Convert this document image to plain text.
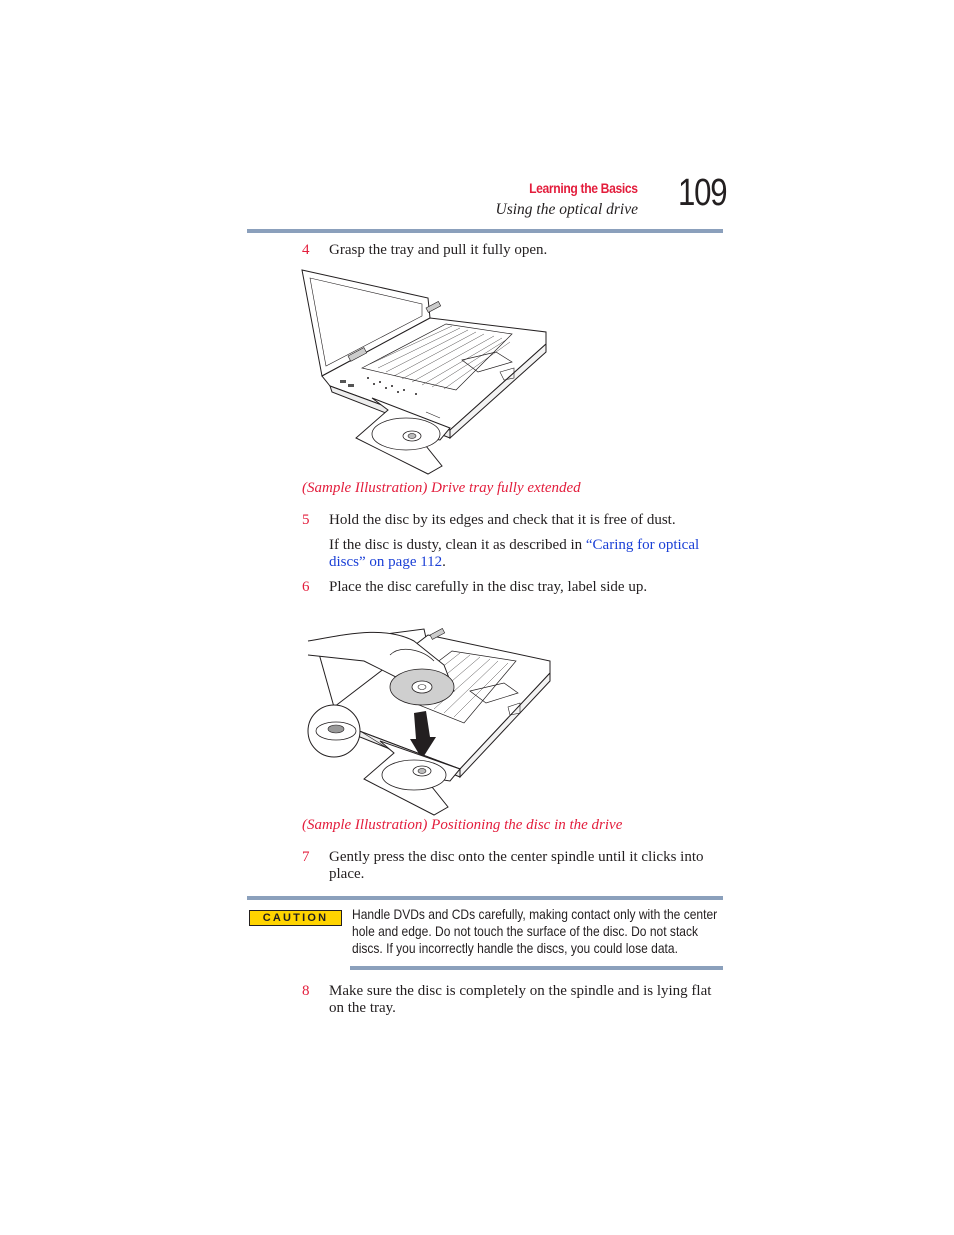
Learning the Basics
Using the optical drive 109
4 Grasp the tray and pull it fully open.
(Sample Illustration) Drive tray fully extended
5 Hold the disc by its edges and check that it is free of dust.
If the disc is dusty, clean it as described in “Caring for optical discs” on page 112.
6 Place the disc carefully in the disc tray, label side up.
(Sample Illustration) Positioning the disc in the drive
7 Gently press the disc onto the center spindle until it clicks into place.
CAUTION	Handle DVDs and CDs carefully, making contact only with the center hole and edge. Do not touch the surface of the disc. Do not stack discs. If you incorrectly handle the discs, you could lose data.
8 Make sure the disc is completely on the spindle and is lying flat on the tray.
